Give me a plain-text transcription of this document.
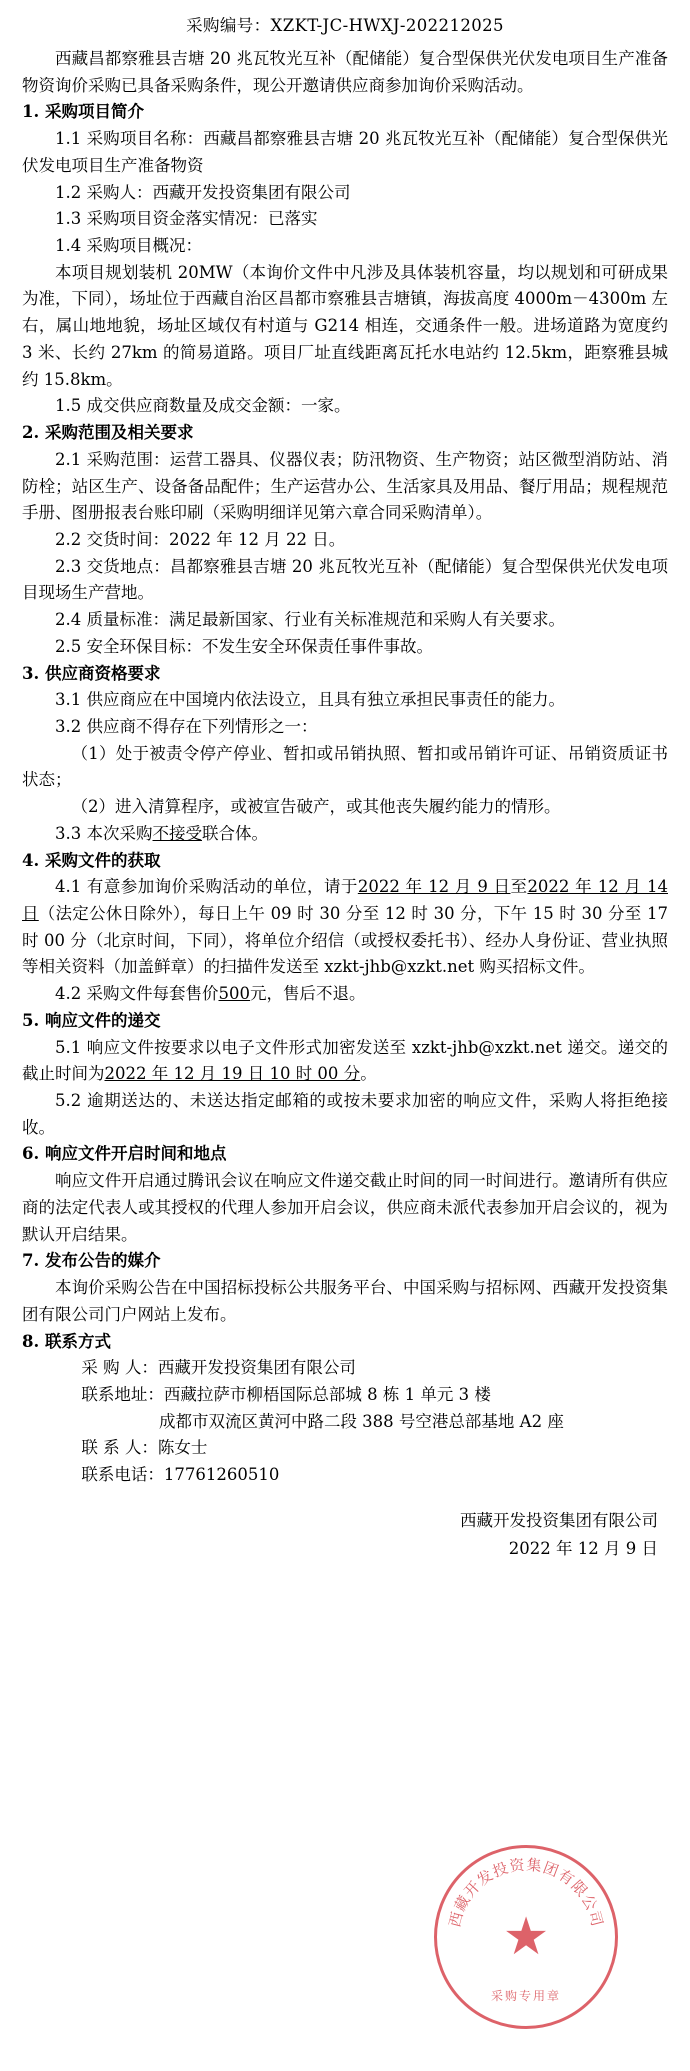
采购编号：XZKT-JC-HWXJ-202212025

西藏昌都察雅县吉塘 20 兆瓦牧光互补（配储能）复合型保供光伏发电项目生产准备物资询价采购已具备采购条件，现公开邀请供应商参加询价采购活动。

1. 采购项目简介

1.1 采购项目名称：西藏昌都察雅县吉塘 20 兆瓦牧光互补（配储能）复合型保供光伏发电项目生产准备物资

1.2 采购人：西藏开发投资集团有限公司

1.3 采购项目资金落实情况：已落实

1.4 采购项目概况：

本项目规划装机 20MW（本询价文件中凡涉及具体装机容量，均以规划和可研成果为准，下同），场址位于西藏自治区昌都市察雅县吉塘镇，海拔高度 4000m－4300m 左右，属山地地貌，场址区域仅有村道与 G214 相连，交通条件一般。进场道路为宽度约 3 米、长约 27km 的简易道路。项目厂址直线距离瓦托水电站约 12.5km，距察雅县城约 15.8km。

1.5 成交供应商数量及成交金额：一家。

2. 采购范围及相关要求

2.1 采购范围：运营工器具、仪器仪表；防汛物资、生产物资；站区微型消防站、消防栓；站区生产、设备备品配件；生产运营办公、生活家具及用品、餐厅用品；规程规范手册、图册报表台账印刷（采购明细详见第六章合同采购清单）。

2.2 交货时间：2022 年 12 月 22 日。

2.3 交货地点：昌都察雅县吉塘 20 兆瓦牧光互补（配储能）复合型保供光伏发电项目现场生产营地。

2.4 质量标准：满足最新国家、行业有关标准规范和采购人有关要求。

2.5 安全环保目标：不发生安全环保责任事件事故。

3. 供应商资格要求

3.1 供应商应在中国境内依法设立，且具有独立承担民事责任的能力。

3.2 供应商不得存在下列情形之一：

（1）处于被责令停产停业、暂扣或吊销执照、暂扣或吊销许可证、吊销资质证书状态；

（2）进入清算程序，或被宣告破产，或其他丧失履约能力的情形。

3.3 本次采购不接受联合体。

4. 采购文件的获取

4.1 有意参加询价采购活动的单位，请于2022 年 12 月 9 日至2022 年 12 月 14 日（法定公休日除外），每日上午 09 时 30 分至 12 时 30 分，下午 15 时 30 分至 17 时 00 分（北京时间，下同），将单位介绍信（或授权委托书）、经办人身份证、营业执照等相关资料（加盖鲜章）的扫描件发送至 xzkt-jhb@xzkt.net 购买招标文件。

4.2 采购文件每套售价500元，售后不退。

5. 响应文件的递交

5.1 响应文件按要求以电子文件形式加密发送至 xzkt-jhb@xzkt.net 递交。递交的截止时间为2022 年 12 月 19 日 10 时 00 分。

5.2 逾期送达的、未送达指定邮箱的或按未要求加密的响应文件，采购人将拒绝接收。

6. 响应文件开启时间和地点

响应文件开启通过腾讯会议在响应文件递交截止时间的同一时间进行。邀请所有供应商的法定代表人或其授权的代理人参加开启会议，供应商未派代表参加开启会议的，视为默认开启结果。

7. 发布公告的媒介

本询价采购公告在中国招标投标公共服务平台、中国采购与招标网、西藏开发投资集团有限公司门户网站上发布。

8. 联系方式

采 购 人： 西藏开发投资集团有限公司
联系地址： 西藏拉萨市柳梧国际总部城 8 栋 1 单元 3 楼
成都市双流区黄河中路二段 388 号空港总部基地 A2 座
联 系 人： 陈女士
联系电话： 17761260510
西藏开发投资集团有限公司
2022 年 12 月 9 日
西藏开发投资集团有限公司
★
采购专用章
